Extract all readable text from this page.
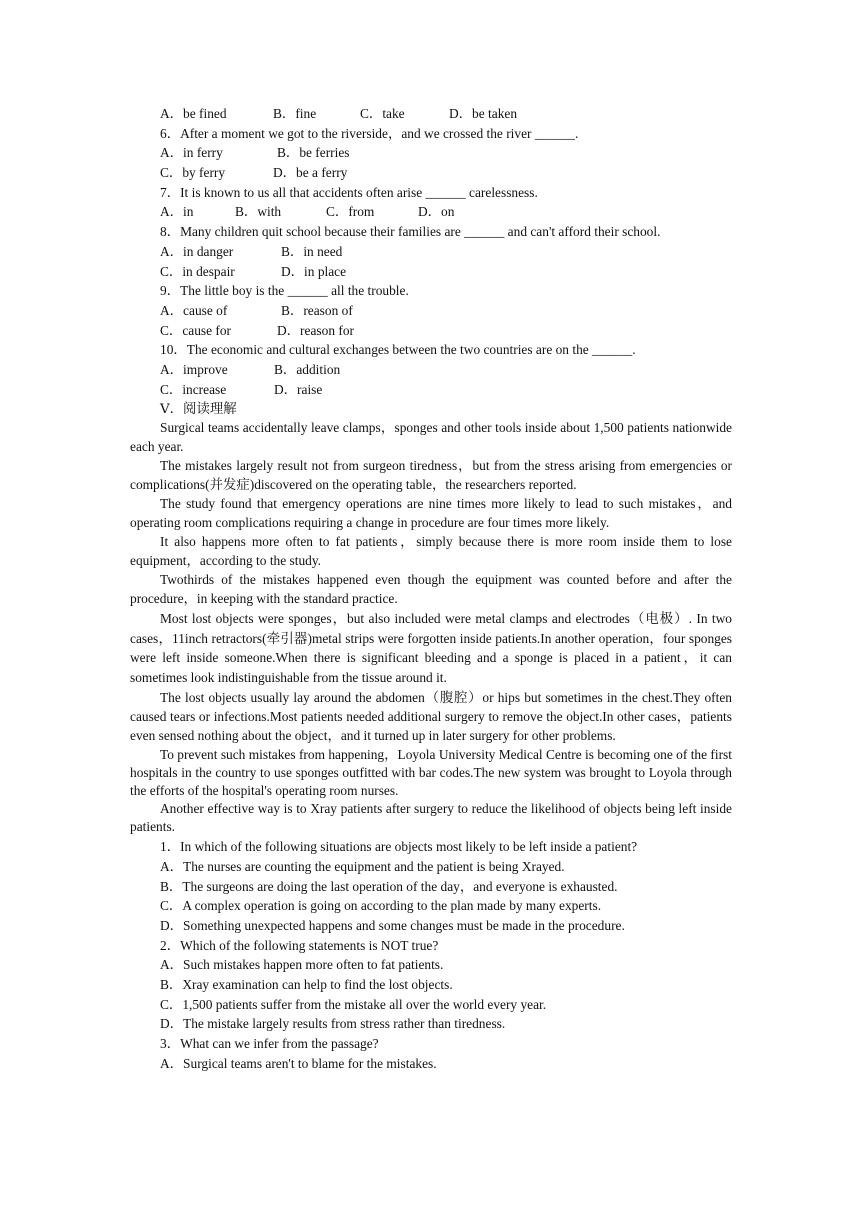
A．be fined	B．fine	C．take	D．be taken
6．After a moment we got to the riverside，and we crossed the river ______.
A．in ferry	B．be ferries
C．by ferry	D．be a ferry
7．It is known to us all that accidents often arise ______ carelessness.
A．in	B．with	C．from	D．on
8．Many children quit school because their families are ______ and can't afford their school.
A．in danger	B．in need
C．in despair	D．in place
9．The little boy is the ______ all the trouble.
A．cause of	B．reason of
C．cause for	D．reason for
10．The economic and cultural exchanges between the two countries are on the ______.
A．improve	B．addition
C．increase	D．raise
Ⅴ．阅读理解

Surgical teams accidentally leave clamps，sponges and other tools inside about 1,500 patients nationwide each year.

The mistakes largely result not from surgeon tiredness，but from the stress arising from emergencies or complications(并发症)discovered on the operating table，the researchers reported.

The study found that emergency operations are nine times more likely to lead to such mistakes，and operating room complications requiring a change in procedure are four times more likely.

It also happens more often to fat patients，simply because there is more room inside them to lose equipment，according to the study.

Twothirds of the mistakes happened even though the equipment was counted before and after the procedure，in keeping with the standard practice.

Most lost objects were sponges，but also included were metal clamps and electrodes（电极）. In two cases，11inch retractors(牵引器)metal strips were forgotten inside patients.In another operation，four sponges were left inside someone.When there is significant bleeding and a sponge is placed in a patient，it can sometimes look indistinguishable from the tissue around it.

The lost objects usually lay around the abdomen（腹腔）or hips but sometimes in the chest.They often caused tears or infections.Most patients needed additional surgery to remove the object.In other cases，patients even sensed nothing about the object，and it turned up in later surgery for other problems.

To prevent such mistakes from happening，Loyola University Medical Centre is becoming one of the first hospitals in the country to use sponges outfitted with bar codes.The new system was brought to Loyola through the efforts of the hospital's operating room nurses.

Another effective way is to Xray patients after surgery to reduce the likelihood of objects being left inside patients.

1．In which of the following situations are objects most likely to be left inside a patient?
A．The nurses are counting the equipment and the patient is being Xrayed.
B．The surgeons are doing the last operation of the day，and everyone is exhausted.
C．A complex operation is going on according to the plan made by many experts.
D．Something unexpected happens and some changes must be made in the procedure.
2．Which of the following statements is NOT true?
A．Such mistakes happen more often to fat patients.
B．Xray examination can help to find the lost objects.
C．1,500 patients suffer from the mistake all over the world every year.
D．The mistake largely results from stress rather than tiredness.
3．What can we infer from the passage?
A．Surgical teams aren't to blame for the mistakes.
